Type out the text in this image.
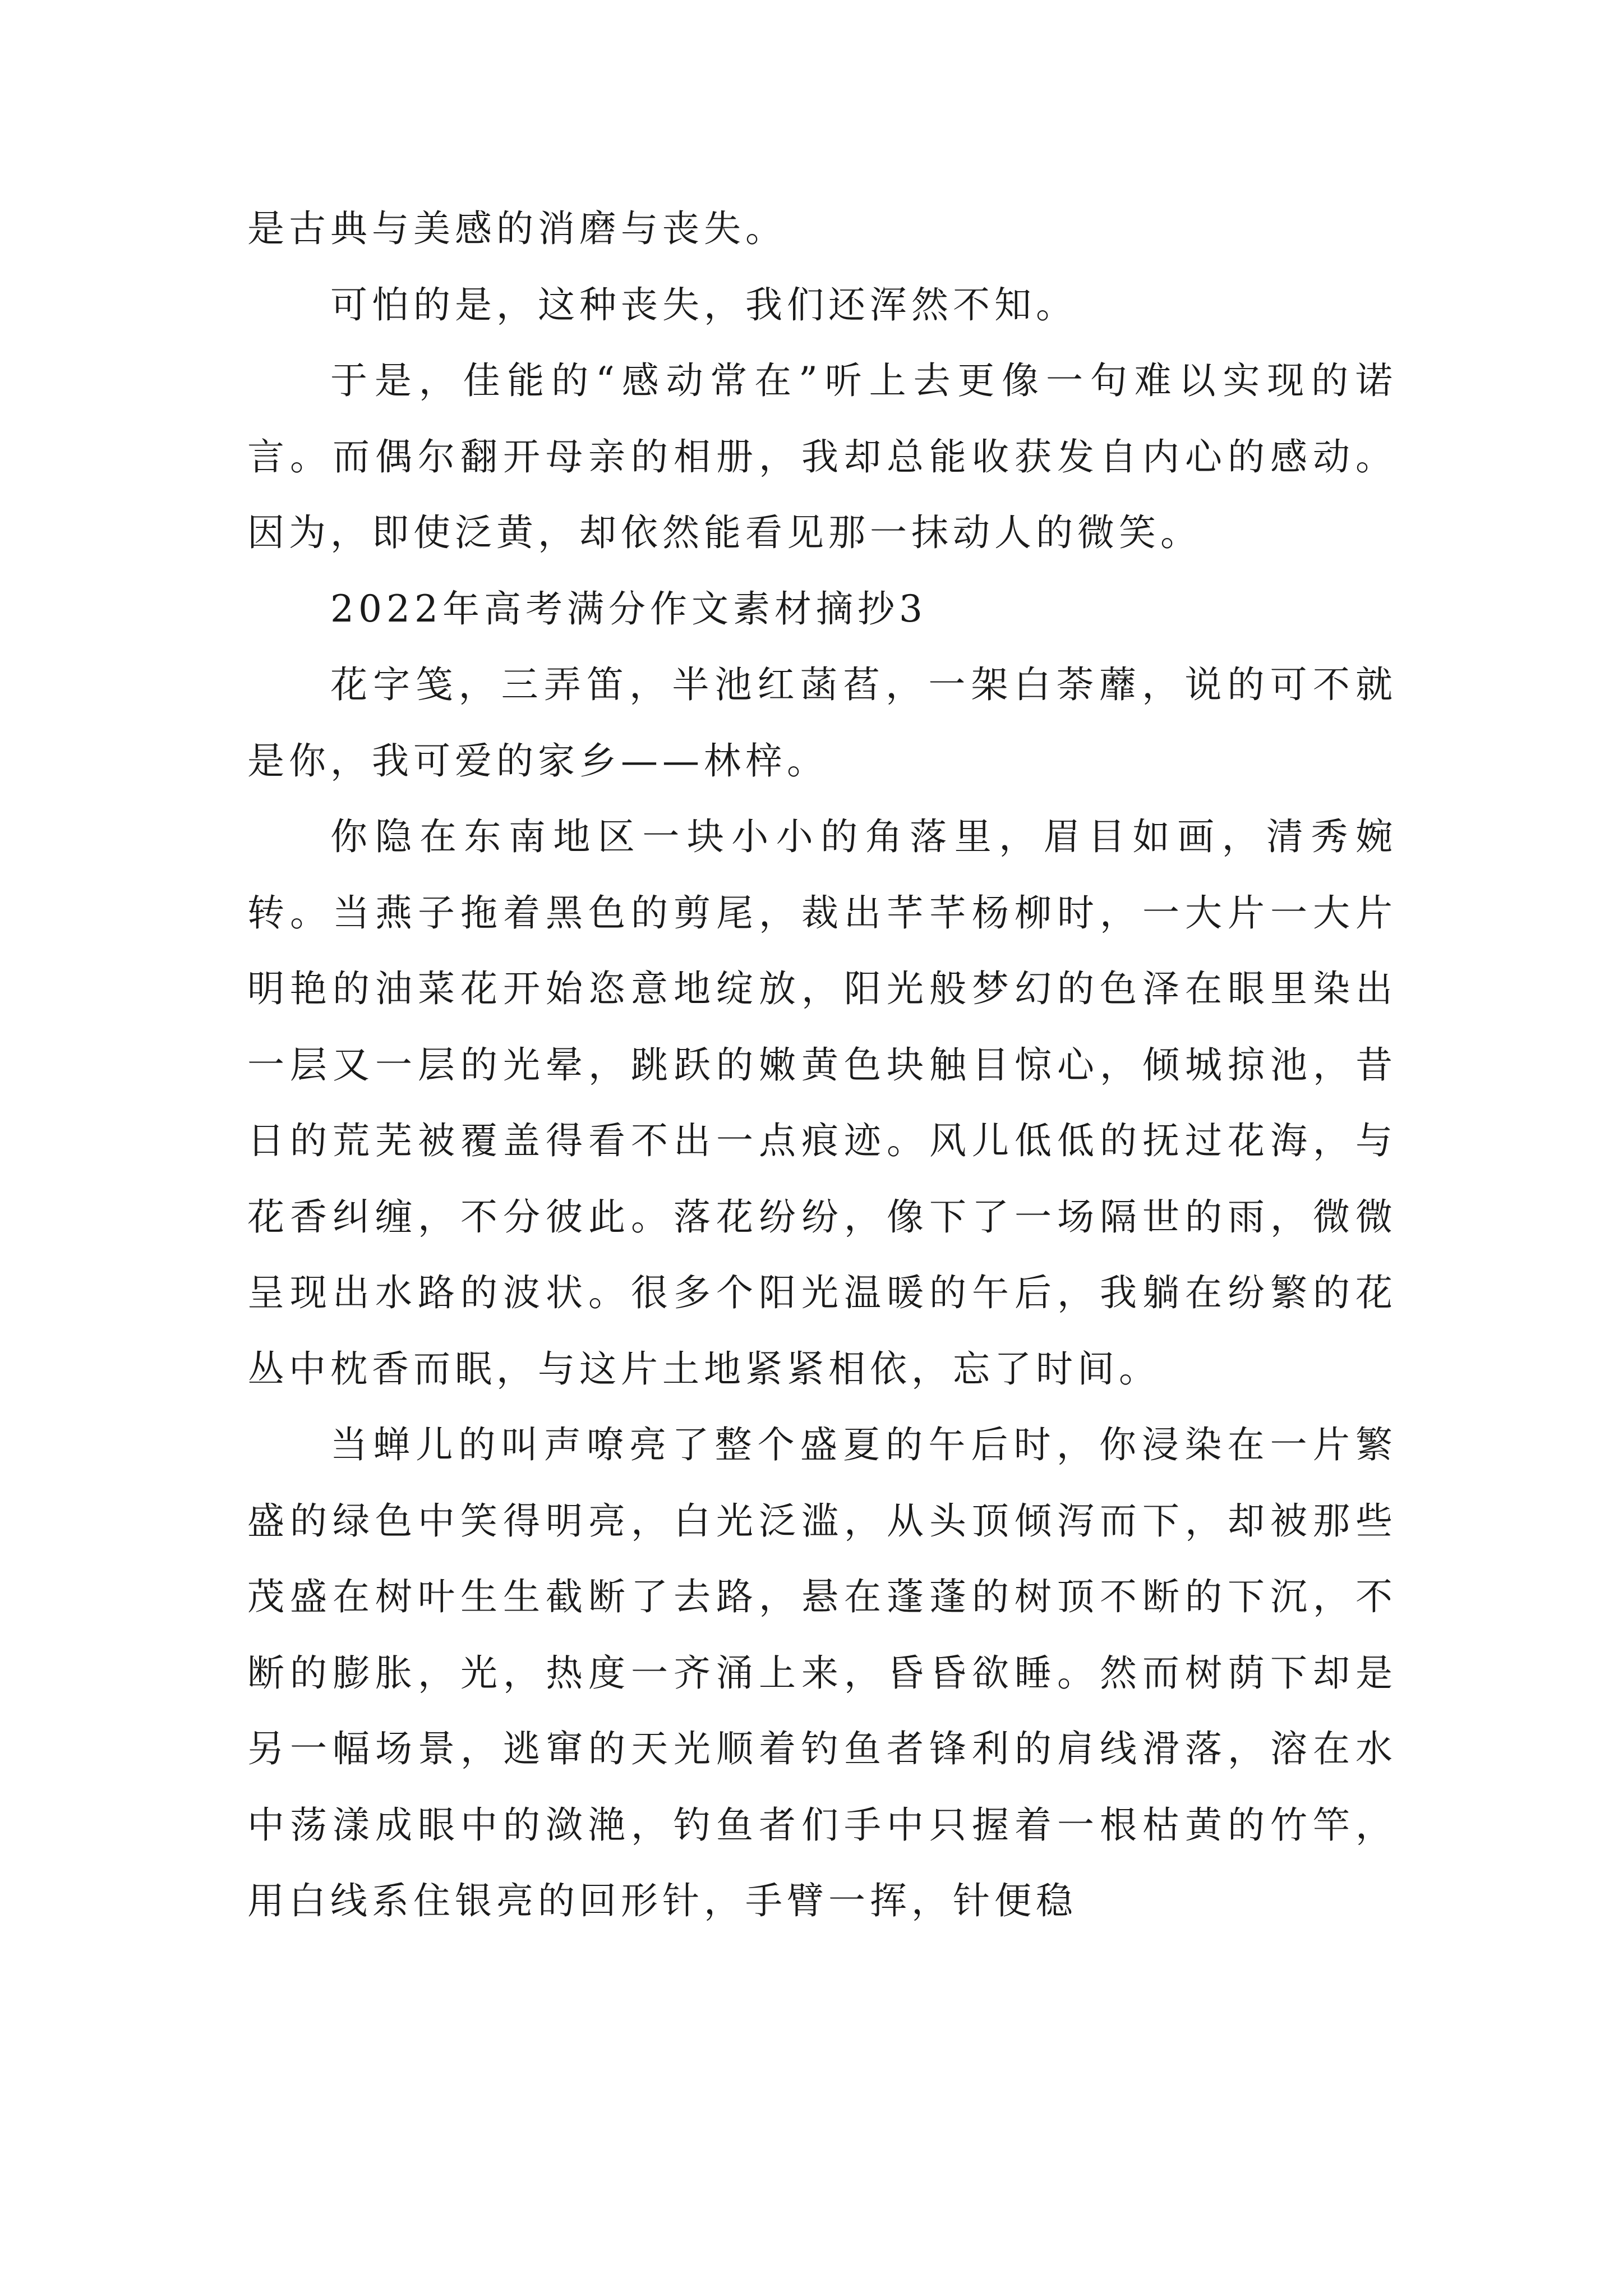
是古典与美感的消磨与丧失。

可怕的是，这种丧失，我们还浑然不知。

于是，佳能的“感动常在”听上去更像一句难以实现的诺言。而偶尔翻开母亲的相册，我却总能收获发自内心的感动。因为，即使泛黄，却依然能看见那一抹动人的微笑。

2022年高考满分作文素材摘抄3

花字笺，三弄笛，半池红菡萏，一架白荼蘼，说的可不就是你，我可爱的家乡——林梓。

你隐在东南地区一块小小的角落里，眉目如画，清秀婉转。当燕子拖着黑色的剪尾，裁出芊芊杨柳时，一大片一大片明艳的油菜花开始恣意地绽放，阳光般梦幻的色泽在眼里染出一层又一层的光晕，跳跃的嫩黄色块触目惊心，倾城掠池，昔日的荒芜被覆盖得看不出一点痕迹。风儿低低的抚过花海，与花香纠缠，不分彼此。落花纷纷，像下了一场隔世的雨，微微呈现出水路的波状。很多个阳光温暖的午后，我躺在纷繁的花丛中枕香而眠，与这片土地紧紧相依，忘了时间。

当蝉儿的叫声嘹亮了整个盛夏的午后时，你浸染在一片繁盛的绿色中笑得明亮，白光泛滥，从头顶倾泻而下，却被那些茂盛在树叶生生截断了去路，悬在蓬蓬的树顶不断的下沉，不断的膨胀，光，热度一齐涌上来，昏昏欲睡。然而树荫下却是另一幅场景，逃窜的天光顺着钓鱼者锋利的肩线滑落，溶在水中荡漾成眼中的潋滟，钓鱼者们手中只握着一根枯黄的竹竿，用白线系住银亮的回形针，手臂一挥，针便稳
